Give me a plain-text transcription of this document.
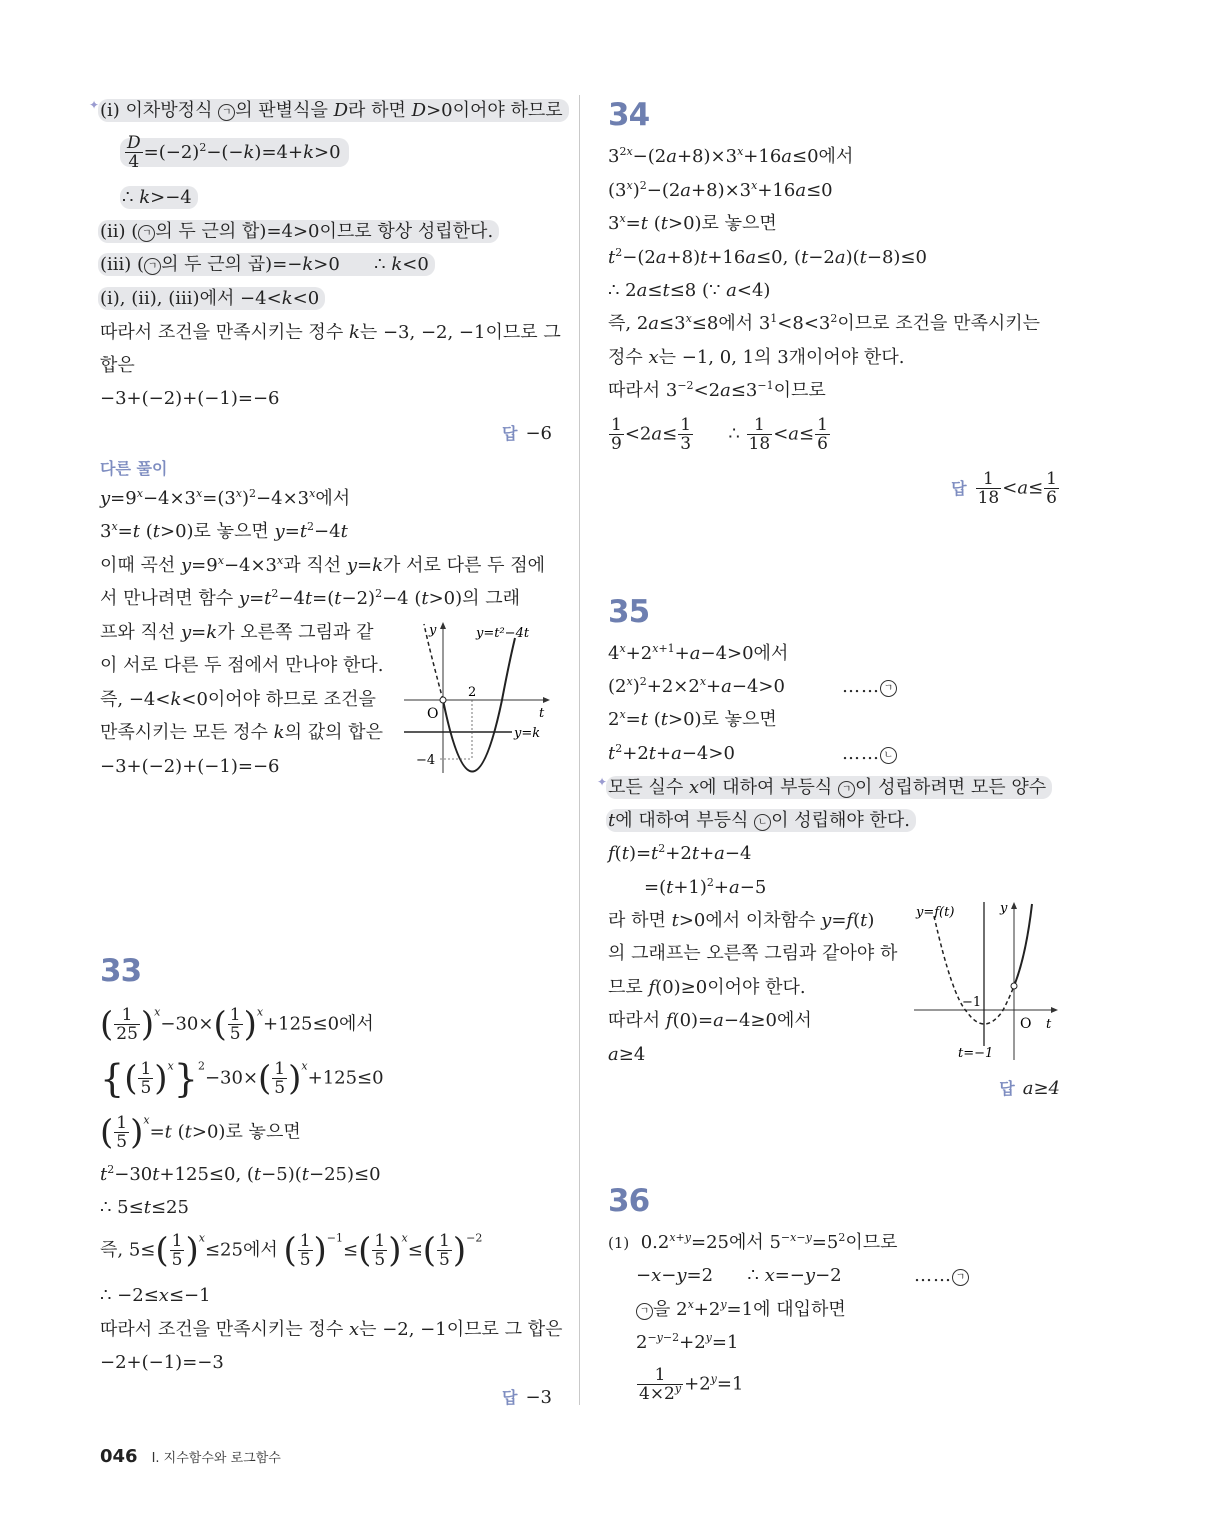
✦ (i) 이차방정식 ㄱ 의 판별식을 D라 하면 D>0이어야 하므로
$\frac{D}{4} =(-2)^2-(-k)=4+k>0$
∴ k>−4
(ii) ( ㄱ 의 두 근의 합)=4>0이므로 항상 성립한다.
(iii) ( ㄱ 의 두 근의 곱)=−k>0      ∴ k<0
(i), (ii), (iii)에서 −4<k<0
따라서 조건을 만족시키는 정수 k는 −3, −2, −1이므로 그
합은
−3+(−2)+(−1)=−6
답 −6
다른 풀이
$y=9^x-4\times 3^x=(3^x)^2-4\times 3^x$에서
$3^x=t$ (t>0)로 놓으면 $y=t^2-4t$
이때 곡선 $y=9^x-4\times 3^x$과 직선 y=k가 서로 다른 두 점에
서 만나려면 함수 $y=t^2-4t=(t-2)^2-4$ (t>0)의 그래
프와 직선 y=k가 오른쪽 그림과 같
이 서로 다른 두 점에서 만나야 한다.
즉, −4<k<0이어야 하므로 조건을
만족시키는 모든 정수 k의 값의 합은
−3+(−2)+(−1)=−6
y	y=t²−4t
2
O	t
y=k
−4
33
( $\frac{1}{25} )^x-30\times( \frac{1}{5} )^x+125\le 0$에서
{( $\frac{1}{5} )^x\}^2-30\times( \frac{1}{5} )^x+125\le 0$
( $\frac{1}{5} )^x=t$ (t>0)로 놓으면
$t^2-30t+125\le 0$, (t−5)(t−25)≤0
∴ 5≤t≤25
즉, $5\le( \frac{1}{5} )^x\le 25$에서 ( $\frac{1}{5} )^{-1}\le( \frac{1}{5} )^x\le( \frac{1}{5} )^{-2}$
∴ −2≤x≤−1
따라서 조건을 만족시키는 정수 x는 −2, −1이므로 그 합은
−2+(−1)=−3
답 −3
34
$3^{2x}-(2a+8)\times 3^x+16a\le 0$에서
$(3^x)^2-(2a+8)\times 3^x+16a\le 0$
$3^x=t$ (t>0)로 놓으면
$t^2-(2a+8)t+16a\le 0$, (t−2a)(t−8)≤0
∴ 2a≤t≤8 (∵ a<4)
즉, $2a\le 3^x\le 8$에서 $3^1<8<3^2$이므로 조건을 만족시키는
정수 x는 −1, 0, 1의 3개이어야 한다.
따라서 $3^{-2}<2a\le 3^{-1}$이므로
$\frac{1}{9} <2a\le \frac{1}{3}$ ∴ $\frac{1}{18} <a\le \frac{1}{6}$
답 $\frac{1}{18} <a\le \frac{1}{6}$
35
$4^x+2^{x+1}+a-4>0$에서
$(2^x)^2+2\times 2^x+a-4>0$	…… ㄱ
$2^x=t$ (t>0)로 놓으면
$t^2+2t+a-4>0$	…… ㄴ
✦ 모든 실수 x에 대하여 부등식 ㄱ 이 성립하려면 모든 양수
t에 대하여 부등식 ㄴ 이 성립해야 한다.
$f(t)=t^2+2t+a-4$
$=(t+1)^2+a-5$
라 하면 t>0에서 이차함수 y=f(t)
의 그래프는 오른쪽 그림과 같아야 하
므로 f(0)≥0이어야 한다.
따라서 f(0)=a−4≥0에서
a≥4
y=f(t)	y
−1
O t
t=−1
답 a≥4
36
(1)  $0.2^{x+y}=25$에서 $5^{-x-y}=5^2$이므로
−x−y=2      ∴ x=−y−2	…… ㄱ
ㄱ 을 $2^x+2^y=1$에 대입하면
$2^{-y-2}+2^y=1$
$\frac{1}{4\times 2^y} +2^y=1$
046 I. 지수함수와 로그함수
